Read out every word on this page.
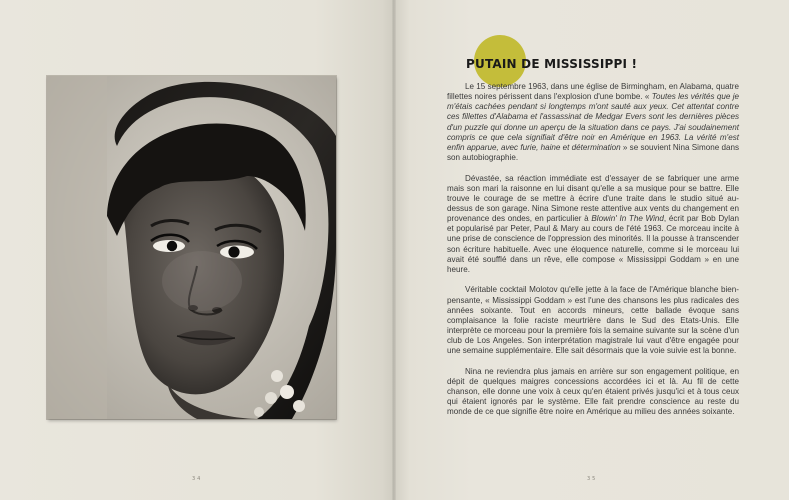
34
PUTAIN DE MISSISSIPPI !

Le 15 septembre 1963, dans une église de Birmingham, en Alabama, quatre fillettes noires périssent dans l'explosion d'une bombe. « Toutes les vérités que je m'étais cachées pendant si longtemps m'ont sauté aux yeux. Cet attentat contre ces fillettes d'Alabama et l'assassinat de Medgar Evers sont les dernières pièces d'un puzzle qui donne un aperçu de la situation dans ce pays. J'ai soudainement compris ce que cela signifiait d'être noir en Amérique en 1963. La vérité m'est enfin apparue, avec furie, haine et détermination » se souvient Nina Simone dans son autobiographie.

Dévastée, sa réaction immédiate est d'essayer de se fabriquer une arme mais son mari la raisonne en lui disant qu'elle a sa musique pour se battre. Elle trouve le courage de se mettre à écrire d'une traite dans le studio situé au-dessus de son garage. Nina Simone reste attentive aux vents du changement en provenance des ondes, en particulier à Blowin' In The Wind, écrit par Bob Dylan et popularisé par Peter, Paul & Mary au cours de l'été 1963. Ce morceau incite à une prise de conscience de l'oppression des minorités. Il la pousse à transcender son écriture habituelle. Avec une éloquence naturelle, comme si le morceau lui avait été soufflé dans un rêve, elle compose « Mississippi Goddam » en une heure.

Véritable cocktail Molotov qu'elle jette à la face de l'Amérique blanche bien-pensante, « Mississippi Goddam » est l'une des chansons les plus radicales des années soixante. Tout en accords mineurs, cette ballade évoque sans complaisance la folie raciste meurtrière dans le Sud des Etats-Unis. Elle interprète ce morceau pour la première fois la semaine suivante sur la scène d'un club de Los Angeles. Son interprétation magistrale lui vaut d'être engagée pour une semaine supplémentaire. Elle sait désormais que la voie suivie est la bonne.

Nina ne reviendra plus jamais en arrière sur son engagement politique, en dépit de quelques maigres concessions accordées ici et là. Au fil de cette chanson, elle donne une voix à ceux qu'en étaient privés jusqu'ici et à tous ceux qui étaient ignorés par le système. Elle fait prendre conscience au reste du monde de ce que signifie être noire en Amérique au milieu des années soixante.

35
